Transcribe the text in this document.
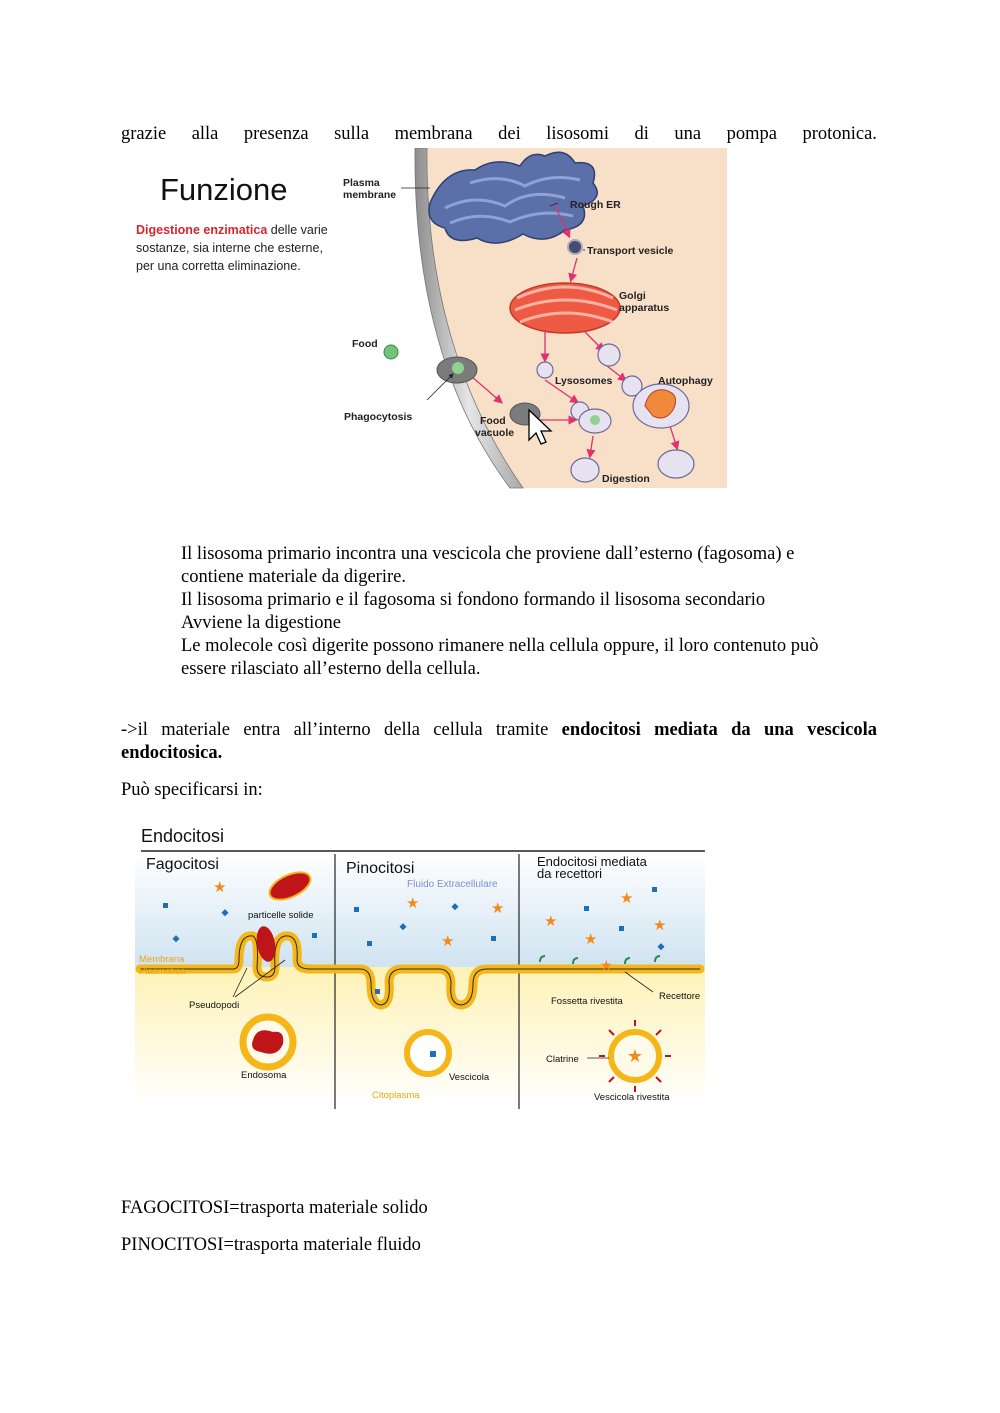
grazie alla presenza sulla membrana dei lisosomi di una pompa protonica.
Funzione
Digestione enzimatica delle varie
sostanze, sia interne che esterne,
per una corretta eliminazione.
Plasma
membrane
Rough ER
Transport vesicle
Golgi
apparatus
Food
Lysosomes	Autophagy
Phagocytosis	Food
vacuole
Digestion

Il lisosoma primario incontra una vescicola che proviene dall’esterno (fagosoma) e

contiene materiale da digerire.

Il lisosoma primario e il fagosoma si fondono formando il lisosoma secondario

Avviene la digestione

Le molecole così digerite possono rimanere nella cellula oppure, il loro contenuto può

essere rilasciato all’esterno della cellula.

->il materiale entra all’interno della cellula tramite endocitosi mediata da una vescicola
endocitosica.
Può specificarsi in:
Endocitosi
Fagocitosi	Pinocitosi	Endocitosi mediata
da recettori
Fluido Extracellulare
★
★
★
★	★
★
★
★
★
★
particelle solide
Membrana
Plasmatica
Pseudopodi
Endosoma	Vescicola
Citoplasma
Fossetta rivestita	Recettore
Clatrine
Vescicola rivestita
FAGOCITOSI=trasporta materiale solido
PINOCITOSI=trasporta materiale fluido
